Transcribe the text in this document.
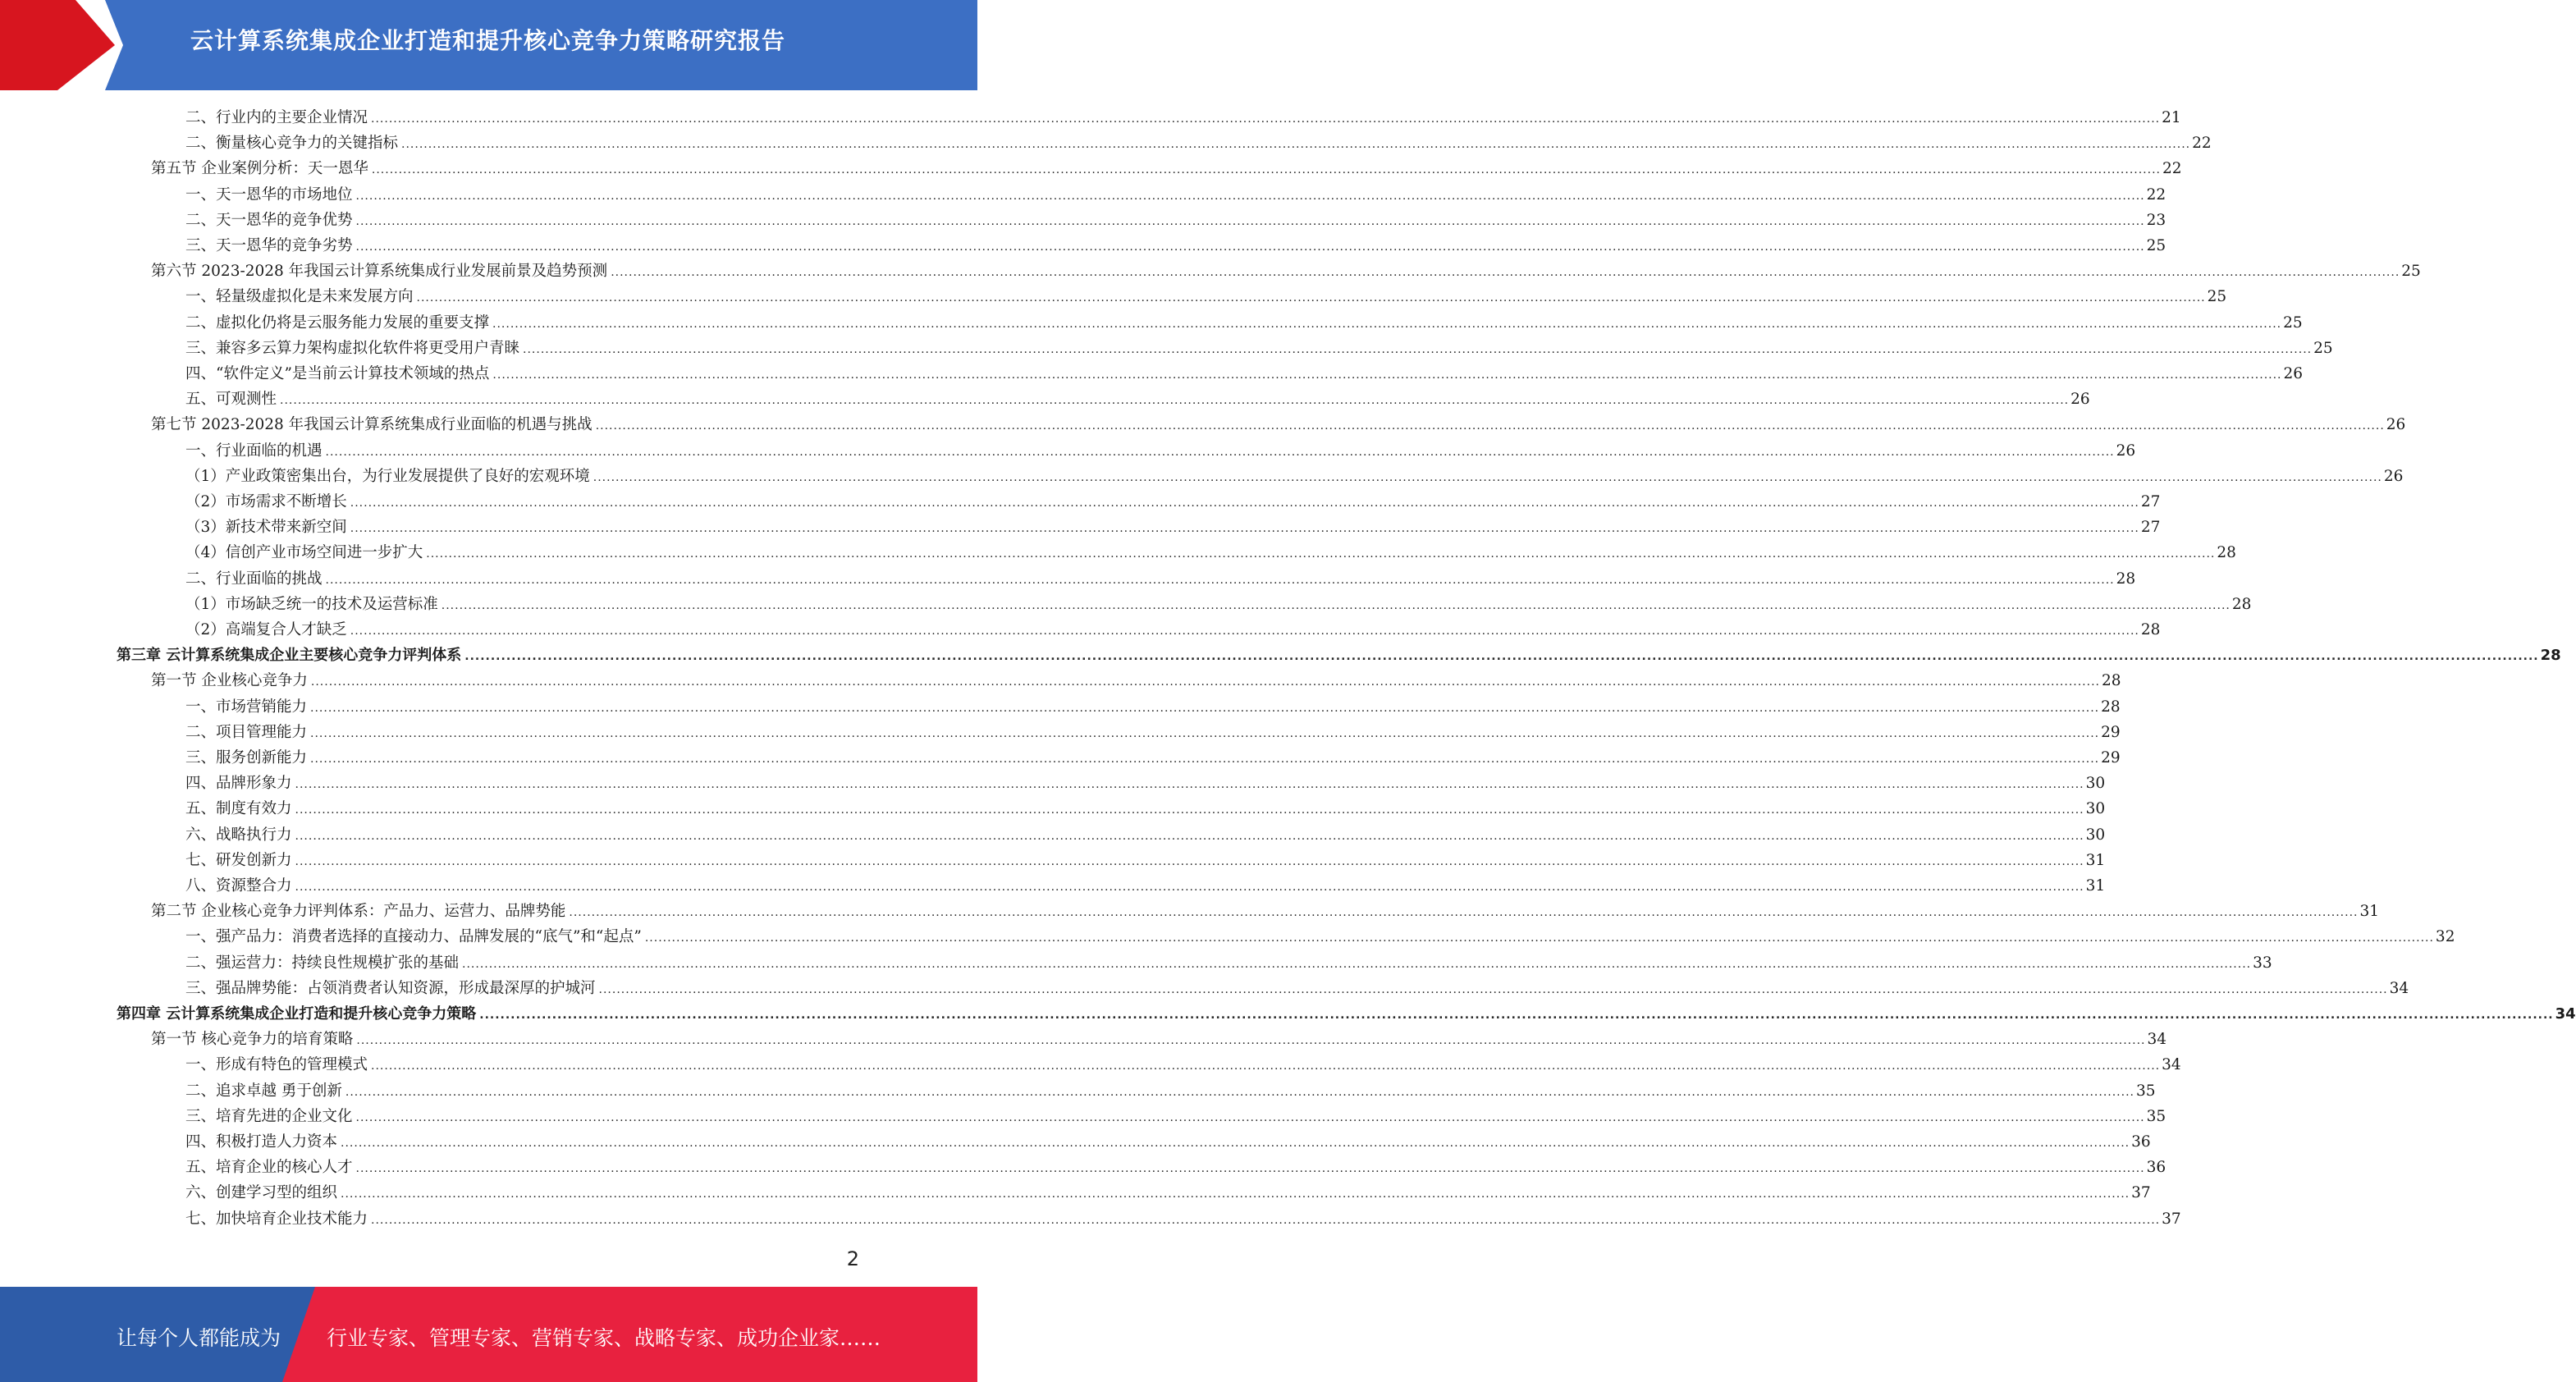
云计算系统集成企业打造和提升核心竞争力策略研究报告
二、行业内的主要企业情况 ................................................................................................................................................................................................................................................................................................................................................................................................................ 21
二、衡量核心竞争力的关键指标 ................................................................................................................................................................................................................................................................................................................................................................................................................ 22
第五节 企业案例分析：天一恩华 ................................................................................................................................................................................................................................................................................................................................................................................................................ 22
一、天一恩华的市场地位 ................................................................................................................................................................................................................................................................................................................................................................................................................ 22
二、天一恩华的竞争优势 ................................................................................................................................................................................................................................................................................................................................................................................................................ 23
三、天一恩华的竞争劣势 ................................................................................................................................................................................................................................................................................................................................................................................................................ 25
第六节 2023-2028 年我国云计算系统集成行业发展前景及趋势预测 ................................................................................................................................................................................................................................................................................................................................................................................................................ 25
一、轻量级虚拟化是未来发展方向 ................................................................................................................................................................................................................................................................................................................................................................................................................ 25
二、虚拟化仍将是云服务能力发展的重要支撑 ................................................................................................................................................................................................................................................................................................................................................................................................................ 25
三、兼容多云算力架构虚拟化软件将更受用户青睐 ................................................................................................................................................................................................................................................................................................................................................................................................................ 25
四、“软件定义”是当前云计算技术领域的热点 ................................................................................................................................................................................................................................................................................................................................................................................................................ 26
五、可观测性 ................................................................................................................................................................................................................................................................................................................................................................................................................ 26
第七节 2023-2028 年我国云计算系统集成行业面临的机遇与挑战 ................................................................................................................................................................................................................................................................................................................................................................................................................ 26
一、行业面临的机遇 ................................................................................................................................................................................................................................................................................................................................................................................................................ 26
（1）产业政策密集出台，为行业发展提供了良好的宏观环境 ................................................................................................................................................................................................................................................................................................................................................................................................................ 26
（2）市场需求不断增长 ................................................................................................................................................................................................................................................................................................................................................................................................................ 27
（3）新技术带来新空间 ................................................................................................................................................................................................................................................................................................................................................................................................................ 27
（4）信创产业市场空间进一步扩大 ................................................................................................................................................................................................................................................................................................................................................................................................................ 28
二、行业面临的挑战 ................................................................................................................................................................................................................................................................................................................................................................................................................ 28
（1）市场缺乏统一的技术及运营标准 ................................................................................................................................................................................................................................................................................................................................................................................................................ 28
（2）高端复合人才缺乏 ................................................................................................................................................................................................................................................................................................................................................................................................................ 28
第三章 云计算系统集成企业主要核心竞争力评判体系 ................................................................................................................................................................................................................................................................................................................................................................................................................ 28
第一节 企业核心竞争力 ................................................................................................................................................................................................................................................................................................................................................................................................................ 28
一、市场营销能力 ................................................................................................................................................................................................................................................................................................................................................................................................................ 28
二、项目管理能力 ................................................................................................................................................................................................................................................................................................................................................................................................................ 29
三、服务创新能力 ................................................................................................................................................................................................................................................................................................................................................................................................................ 29
四、品牌形象力 ................................................................................................................................................................................................................................................................................................................................................................................................................ 30
五、制度有效力 ................................................................................................................................................................................................................................................................................................................................................................................................................ 30
六、战略执行力 ................................................................................................................................................................................................................................................................................................................................................................................................................ 30
七、研发创新力 ................................................................................................................................................................................................................................................................................................................................................................................................................ 31
八、资源整合力 ................................................................................................................................................................................................................................................................................................................................................................................................................ 31
第二节 企业核心竞争力评判体系：产品力、运营力、品牌势能 ................................................................................................................................................................................................................................................................................................................................................................................................................ 31
一、强产品力：消费者选择的直接动力、品牌发展的“底气”和“起点” ................................................................................................................................................................................................................................................................................................................................................................................................................ 32
二、强运营力：持续良性规模扩张的基础 ................................................................................................................................................................................................................................................................................................................................................................................................................ 33
三、强品牌势能：占领消费者认知资源，形成最深厚的护城河 ................................................................................................................................................................................................................................................................................................................................................................................................................ 34
第四章 云计算系统集成企业打造和提升核心竞争力策略 ................................................................................................................................................................................................................................................................................................................................................................................................................ 34
第一节 核心竞争力的培育策略 ................................................................................................................................................................................................................................................................................................................................................................................................................ 34
一、形成有特色的管理模式 ................................................................................................................................................................................................................................................................................................................................................................................................................ 34
二、追求卓越 勇于创新 ................................................................................................................................................................................................................................................................................................................................................................................................................ 35
三、培育先进的企业文化 ................................................................................................................................................................................................................................................................................................................................................................................................................ 35
四、积极打造人力资本 ................................................................................................................................................................................................................................................................................................................................................................................................................ 36
五、培育企业的核心人才 ................................................................................................................................................................................................................................................................................................................................................................................................................ 36
六、创建学习型的组织 ................................................................................................................................................................................................................................................................................................................................................................................................................ 37
七、加快培育企业技术能力 ................................................................................................................................................................................................................................................................................................................................................................................................................ 37
2
让每个人都能成为 行业专家、管理专家、营销专家、战略专家、成功企业家……
